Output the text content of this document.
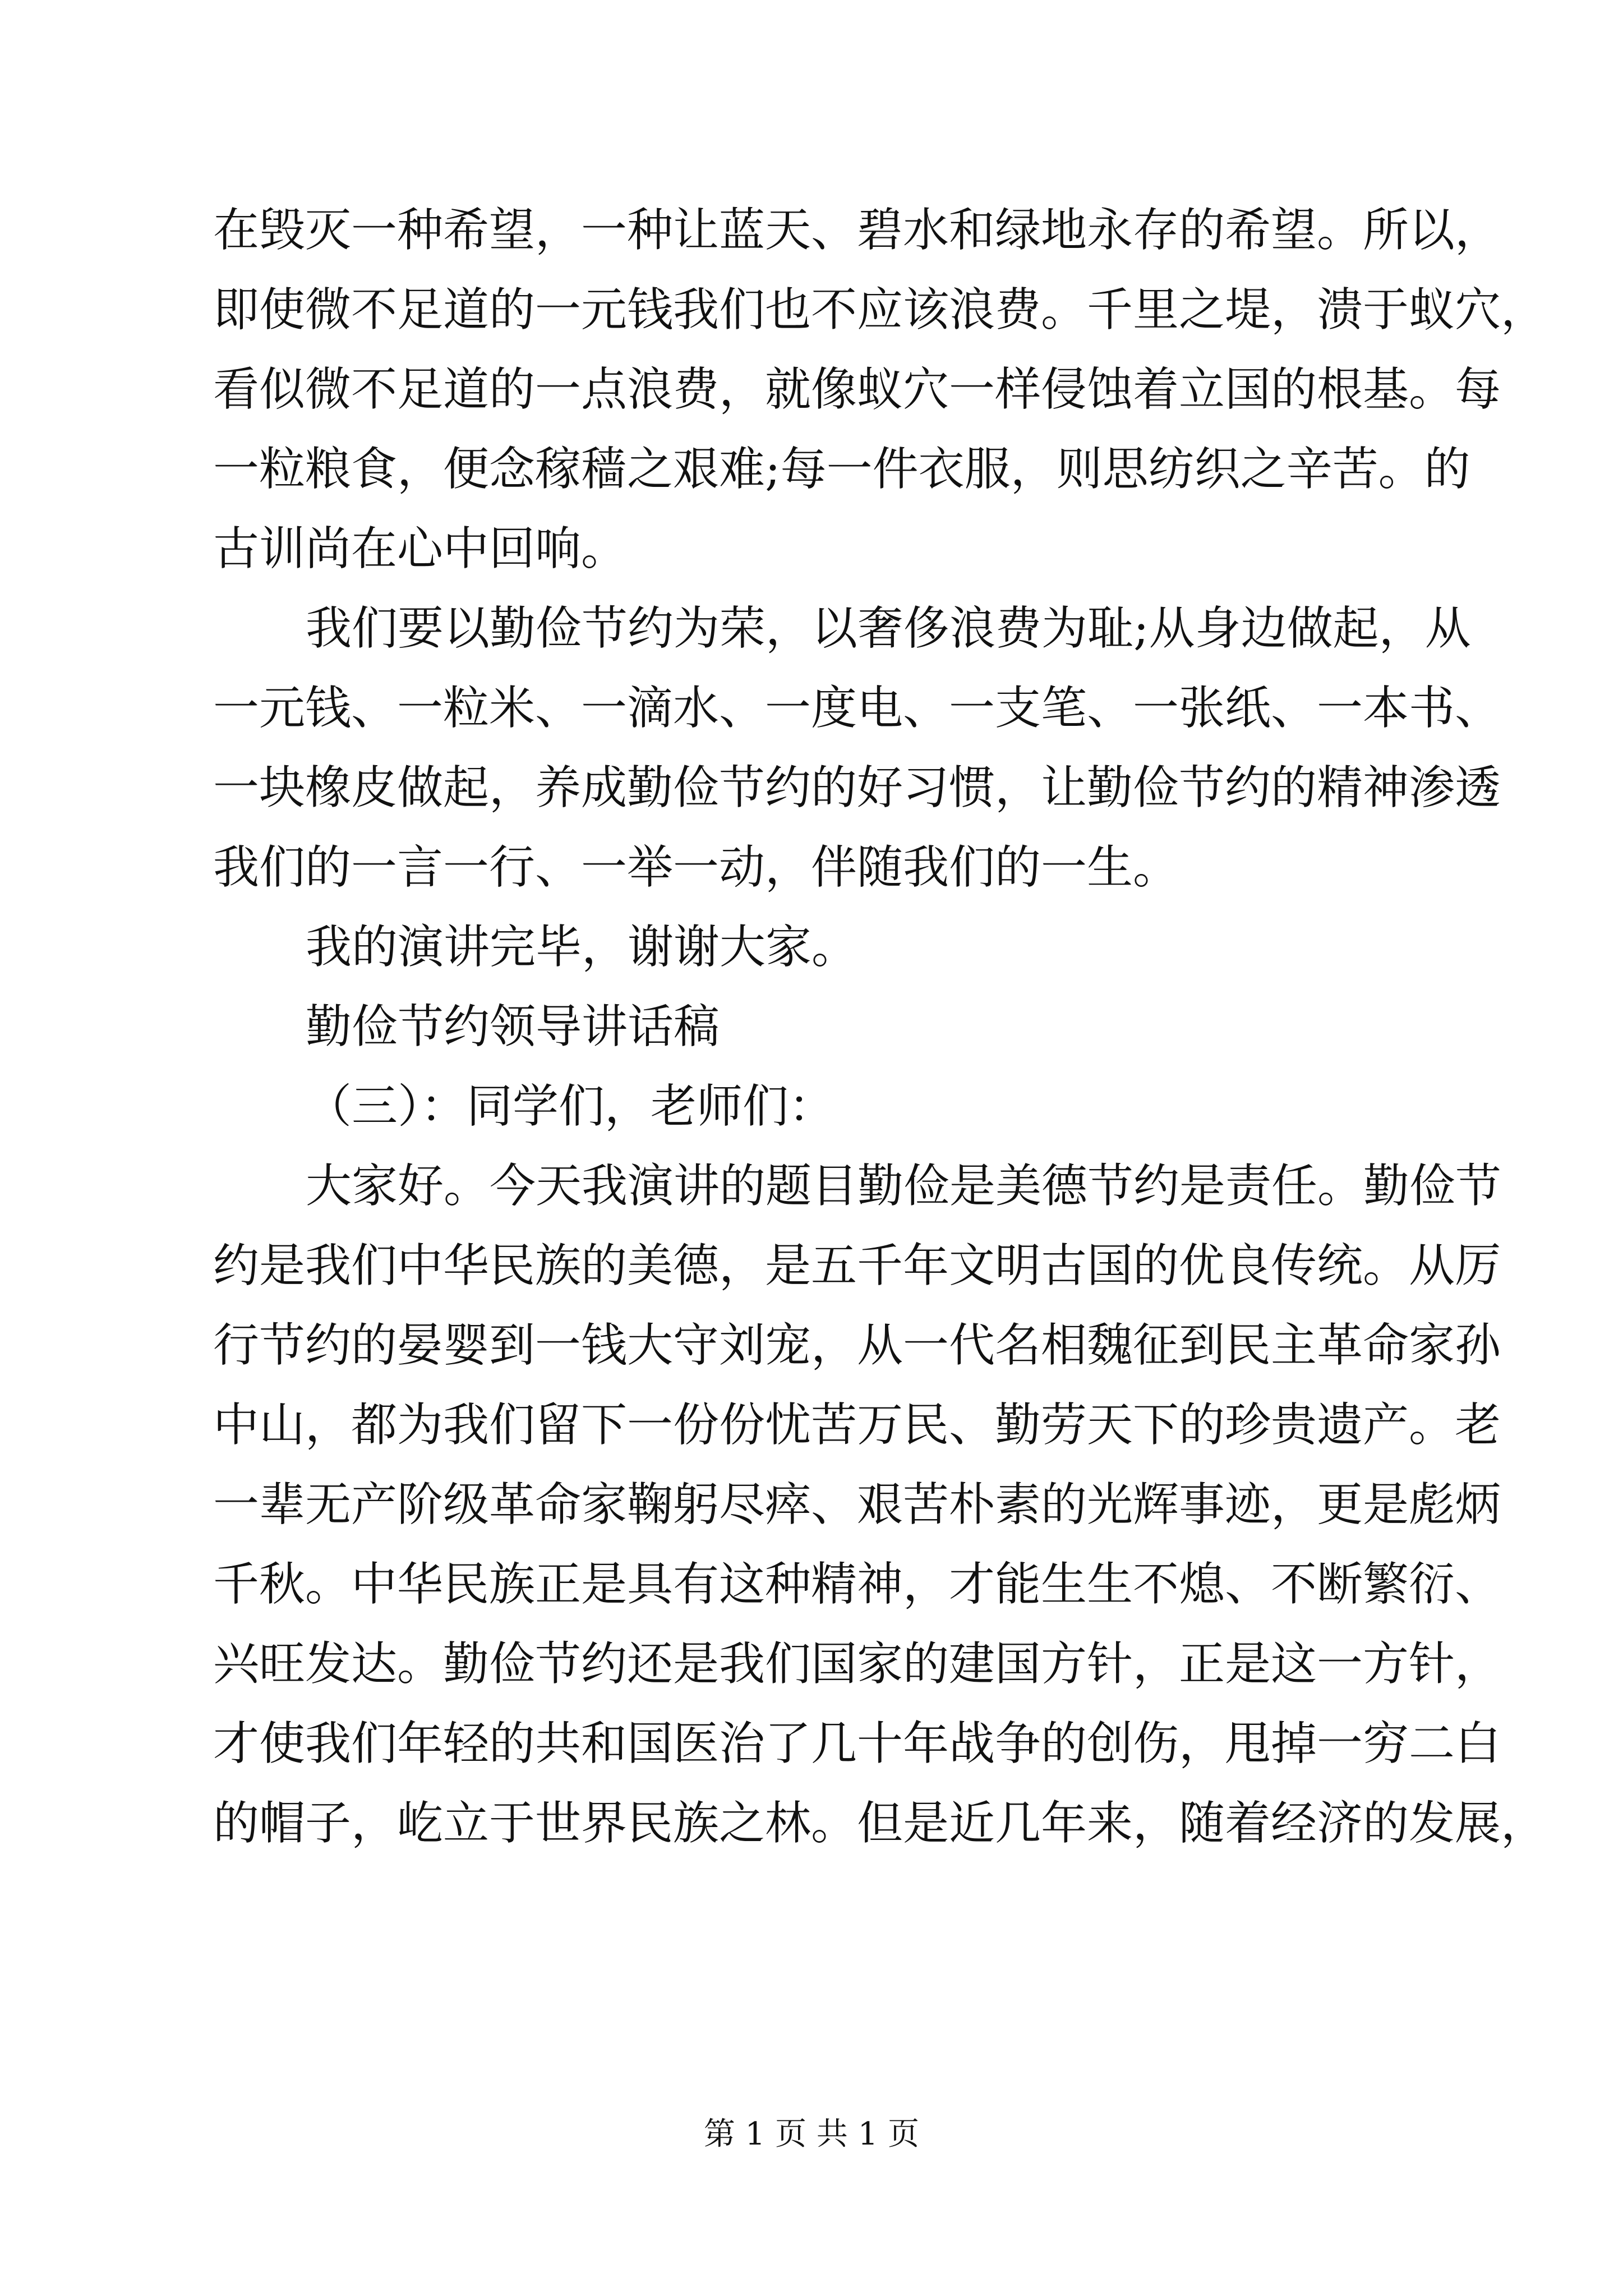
在毁灭一种希望，一种让蓝天、碧水和绿地永存的希望。所以，
即使微不足道的一元钱我们也不应该浪费。千里之堤，溃于蚁穴，
看似微不足道的一点浪费，就像蚁穴一样侵蚀着立国的根基。每
一粒粮食，便念稼穑之艰难;每一件衣服，则思纺织之辛苦。的
古训尚在心中回响。
我们要以勤俭节约为荣，以奢侈浪费为耻;从身边做起，从
一元钱、一粒米、一滴水、一度电、一支笔、一张纸、一本书、
一块橡皮做起，养成勤俭节约的好习惯，让勤俭节约的精神渗透
我们的一言一行、一举一动，伴随我们的一生。
我的演讲完毕，谢谢大家。
勤俭节约领导讲话稿
（三）：同学们，老师们：
大家好。今天我演讲的题目勤俭是美德节约是责任。勤俭节
约是我们中华民族的美德，是五千年文明古国的优良传统。从厉
行节约的晏婴到一钱大守刘宠，从一代名相魏征到民主革命家孙
中山，都为我们留下一份份忧苦万民、勤劳天下的珍贵遗产。老
一辈无产阶级革命家鞠躬尽瘁、艰苦朴素的光辉事迹，更是彪炳
千秋。中华民族正是具有这种精神，才能生生不熄、不断繁衍、
兴旺发达。勤俭节约还是我们国家的建国方针，正是这一方针，
才使我们年轻的共和国医治了几十年战争的创伤，甩掉一穷二白
的帽子，屹立于世界民族之林。但是近几年来，随着经济的发展，
第 1 页 共 1 页
